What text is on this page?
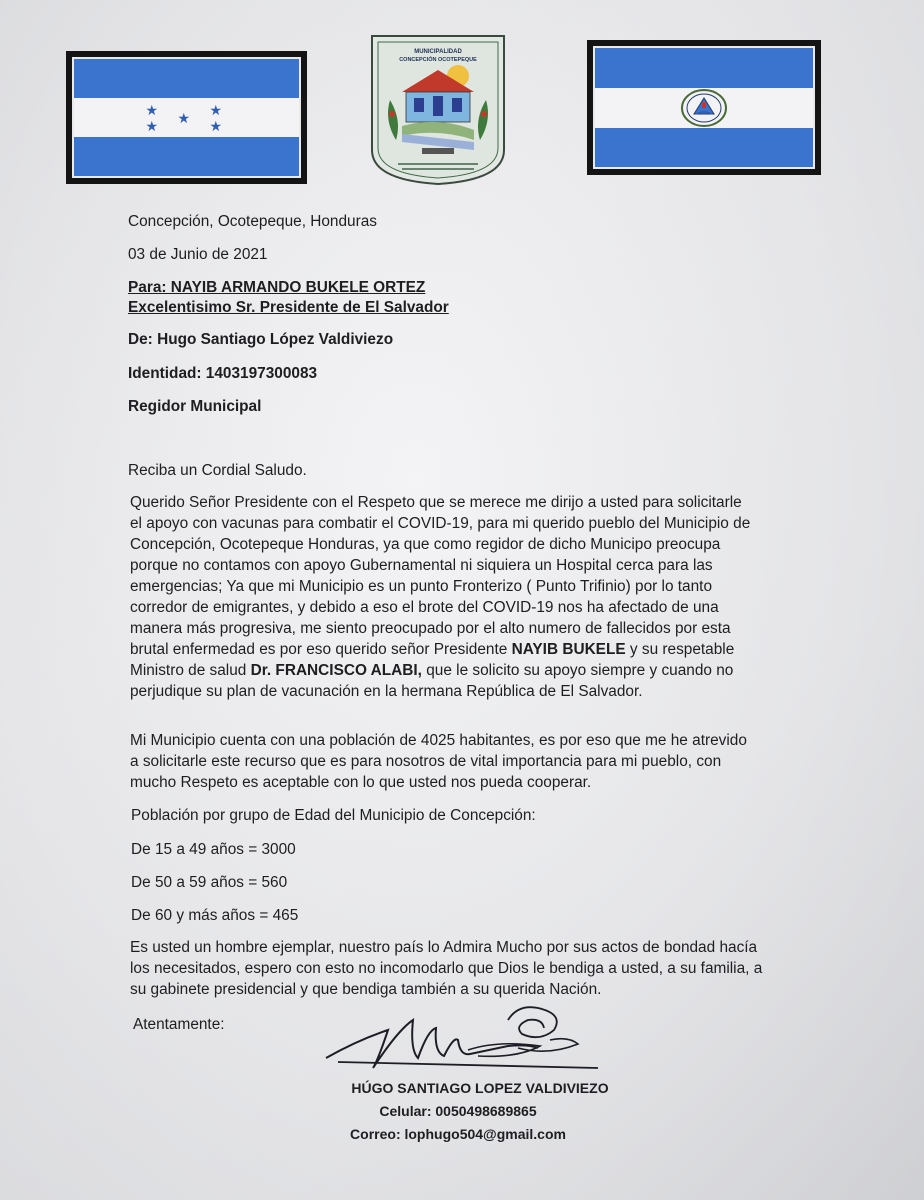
★	★
★
★	★
MUNICIPALIDAD
CONCEPCIÓN OCOTEPEQUE
Concepción, Ocotepeque, Honduras
03 de Junio de 2021
Para: NAYIB ARMANDO BUKELE ORTEZ
Excelentisimo Sr. Presidente de El Salvador
De: Hugo Santiago López Valdiviezo
Identidad: 1403197300083
Regidor Municipal
Reciba un Cordial Saludo.

Querido Señor Presidente con el Respeto que se merece me dirijo a usted para solicitarle el apoyo con vacunas para combatir el COVID-19, para mi querido pueblo del Municipio de Concepción, Ocotepeque Honduras, ya que como regidor de dicho Municipo preocupa porque no contamos con apoyo Gubernamental ni siquiera un Hospital cerca para las emergencias; Ya que mi Municipio es un punto Fronterizo ( Punto Trifinio) por lo tanto corredor de emigrantes, y debido a eso el brote del COVID-19 nos ha afectado de una manera más progresiva, me siento preocupado por el alto numero de fallecidos por esta brutal enfermedad es por eso querido señor Presidente NAYIB BUKELE y su respetable Ministro de salud Dr. FRANCISCO ALABI, que le solicito su apoyo siempre y cuando no perjudique su plan de vacunación en la hermana República de El Salvador.

Mi Municipio cuenta con una población de 4025 habitantes, es por eso que me he atrevido a solicitarle este recurso que es para nosotros de vital importancia para mi pueblo, con mucho Respeto es aceptable con lo que usted nos pueda cooperar.
Población por grupo de Edad del Municipio de Concepción:
De 15 a 49 años = 3000
De 50 a 59 años = 560
De 60 y más años = 465
Es usted un hombre ejemplar, nuestro país lo Admira Mucho por sus actos de bondad hacía los necesitados, espero con esto no incomodarlo que Dios le bendiga a usted, a su familia, a su gabinete presidencial y que bendiga también a su querida Nación.
Atentamente:
HÚGO SANTIAGO LOPEZ VALDIVIEZO
Celular: 0050498689865
Correo: lophugo504@gmail.com
